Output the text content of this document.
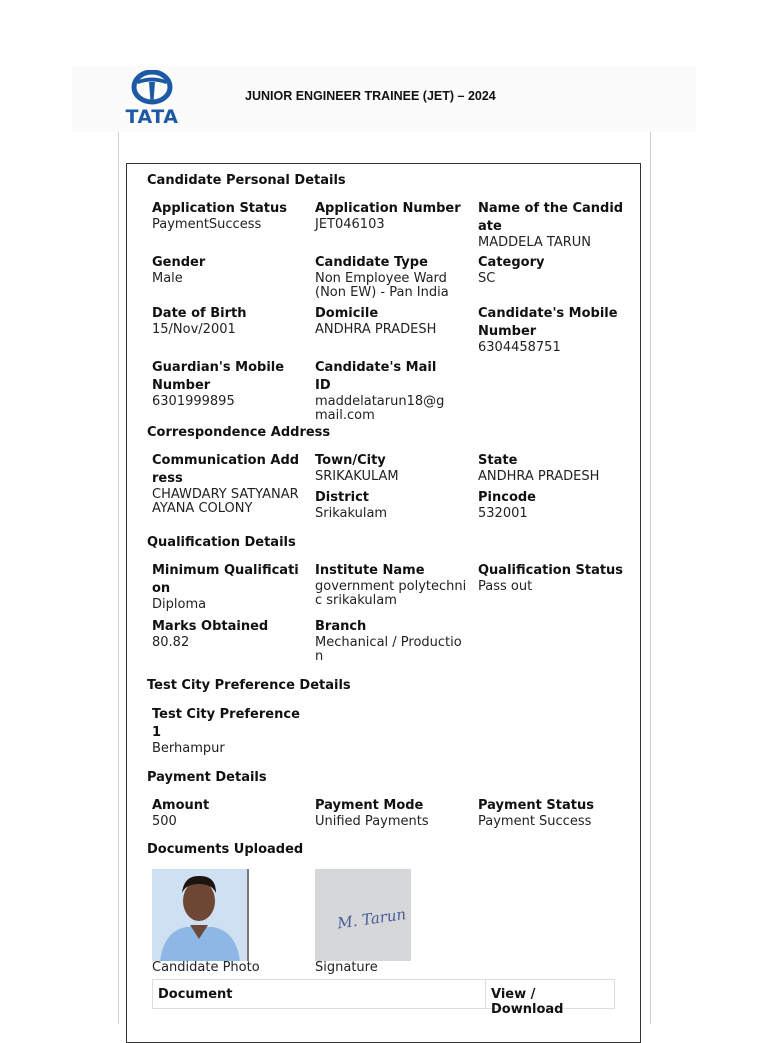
TATA
JUNIOR ENGINEER TRAINEE (JET) – 2024
Candidate Personal Details
Application Status
PaymentSuccess
Application Number
JET046103
Name of the Candidate
MADDELA TARUN
Gender
Male
Candidate Type
Non Employee Ward (Non EW) - Pan India
Category
SC
Date of Birth
15/Nov/2001
Domicile
ANDHRA PRADESH
Candidate's Mobile Number
6304458751
Guardian's Mobile Number
6301999895
Candidate's Mail ID
maddelatarun18@gmail.com
Correspondence Address
Communication Address
CHAWDARY SATYANARAYANA COLONY
Town/City
SRIKAKULAM
State
ANDHRA PRADESH
District
Srikakulam
Pincode
532001
Qualification Details
Minimum Qualification
Diploma
Institute Name
government polytechnic srikakulam
Qualification Status
Pass out
Marks Obtained
80.82
Branch
Mechanical / Production
Test City Preference Details
Test City Preference 1
Berhampur
Payment Details
Amount
500
Payment Mode
Unified Payments
Payment Status
Payment Success
Documents Uploaded
M. Tarun
Candidate Photo	Signature
Document	View / Download
